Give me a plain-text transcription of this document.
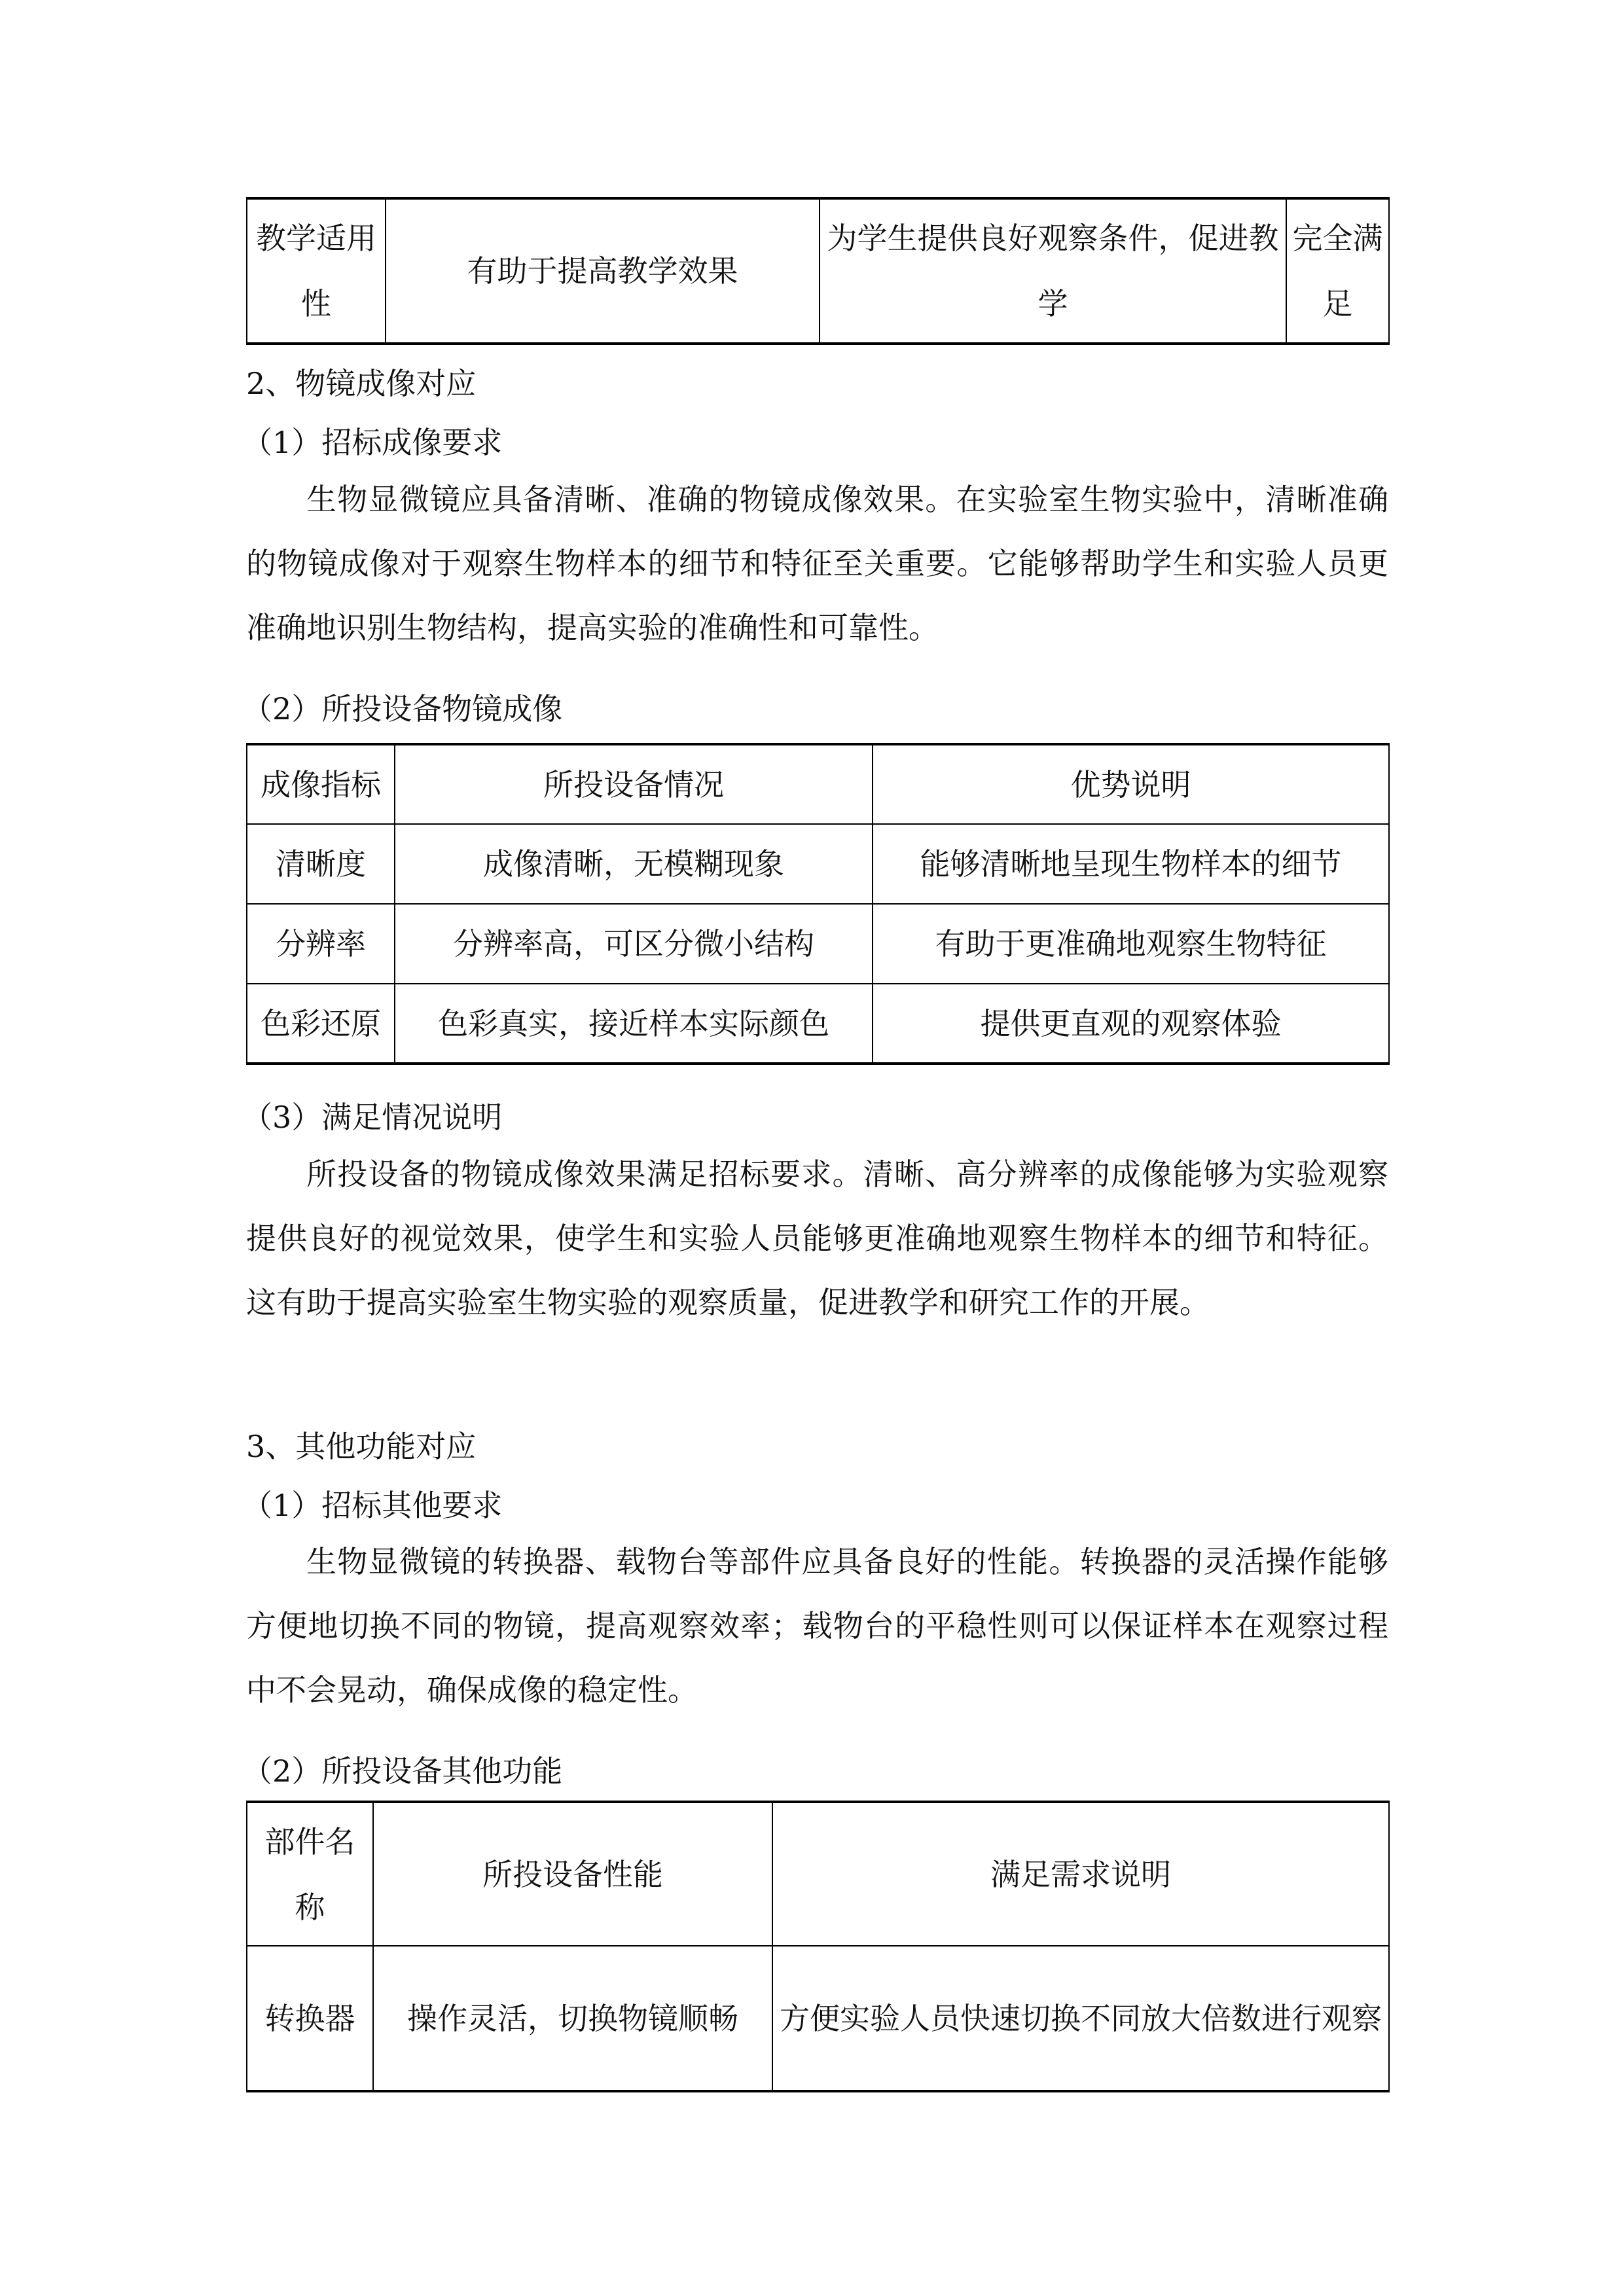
教学适用性	有助于提高教学效果	为学生提供良好观察条件，促进教学	完全满足
2、物镜成像对应
（1）招标成像要求
生物显微镜应具备清晰、准确的物镜成像效果。在实验室生物实验中，清晰准确的物镜成像对于观察生物样本的细节和特征至关重要。它能够帮助学生和实验人员更准确地识别生物结构，提高实验的准确性和可靠性。
（2）所投设备物镜成像
成像指标	所投设备情况	优势说明
清晰度	成像清晰，无模糊现象	能够清晰地呈现生物样本的细节
分辨率	分辨率高，可区分微小结构	有助于更准确地观察生物特征
色彩还原	色彩真实，接近样本实际颜色	提供更直观的观察体验
（3）满足情况说明
所投设备的物镜成像效果满足招标要求。清晰、高分辨率的成像能够为实验观察提供良好的视觉效果，使学生和实验人员能够更准确地观察生物样本的细节和特征。这有助于提高实验室生物实验的观察质量，促进教学和研究工作的开展。
3、其他功能对应
（1）招标其他要求
生物显微镜的转换器、载物台等部件应具备良好的性能。转换器的灵活操作能够方便地切换不同的物镜，提高观察效率；载物台的平稳性则可以保证样本在观察过程中不会晃动，确保成像的稳定性。
（2）所投设备其他功能
部件名称	所投设备性能	满足需求说明
转换器	操作灵活，切换物镜顺畅	方便实验人员快速切换不同放大倍数进行观察
